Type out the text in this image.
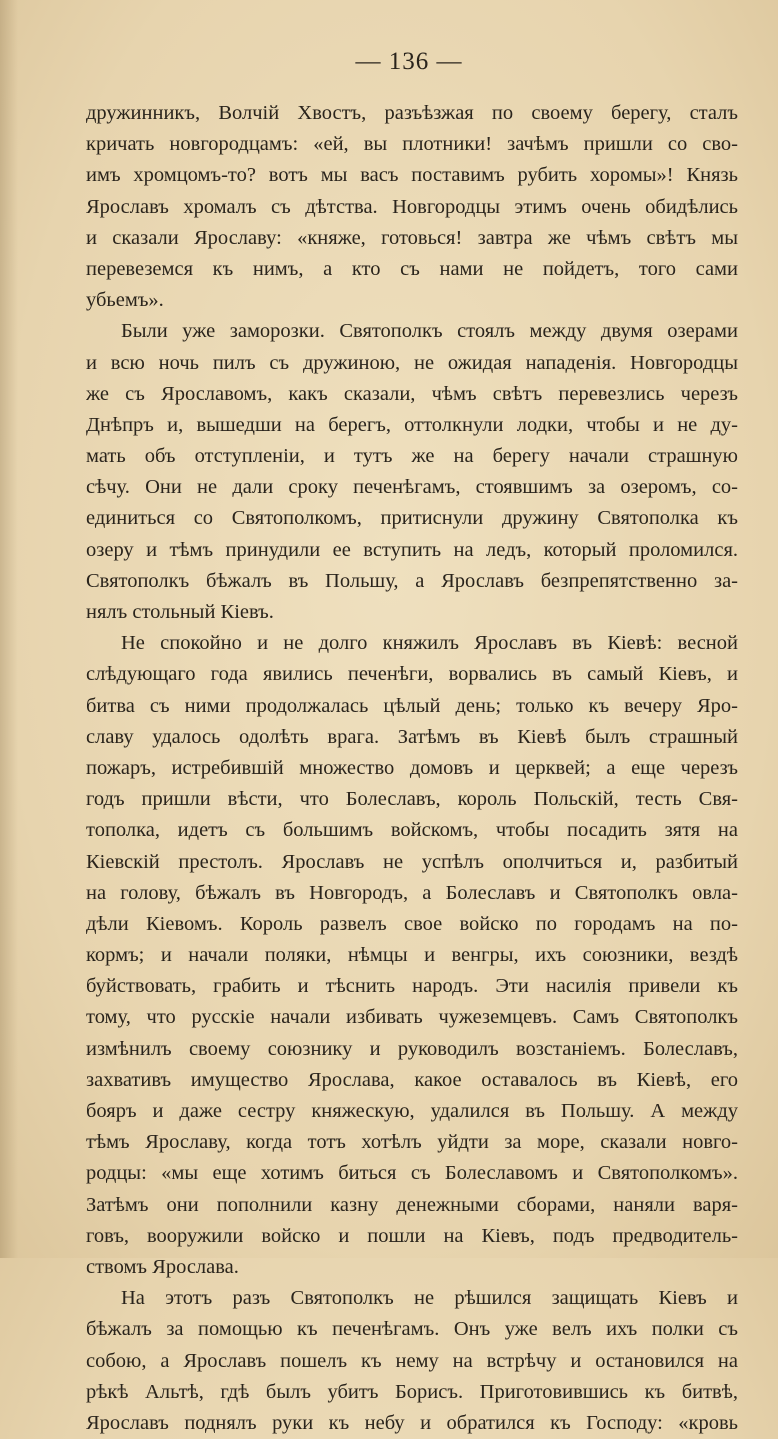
— 136 —
дружинникъ, Волчій Хвостъ, разъѣзжая по своему берегу, сталъ
кричать новгородцамъ: «ей, вы плотники! зачѣмъ пришли со сво-
имъ хромцомъ-то? вотъ мы васъ поставимъ рубить хоромы»! Князь
Ярославъ хромалъ съ дѣтства. Новгородцы этимъ очень обидѣлись
и сказали Ярославу: «княже, готовься! завтра же чѣмъ свѣтъ мы
перевеземся къ нимъ, а кто съ нами не пойдетъ, того сами
убьемъ».
Были уже заморозки. Святополкъ стоялъ между двумя озерами
и всю ночь пилъ съ дружиною, не ожидая нападенія. Новгородцы
же съ Ярославомъ, какъ сказали, чѣмъ свѣтъ перевезлись черезъ
Днѣпръ и, вышедши на берегъ, оттолкнули лодки, чтобы и не ду-
мать объ отступленіи, и тутъ же на берегу начали страшную
сѣчу. Они не дали сроку печенѣгамъ, стоявшимъ за озеромъ, со-
единиться со Святополкомъ, притиснули дружину Святополка къ
озеру и тѣмъ принудили ее вступить на ледъ, который проломился.
Святополкъ бѣжалъ въ Польшу, а Ярославъ безпрепятственно за-
нялъ стольный Кіевъ.
Не спокойно и не долго княжилъ Ярославъ въ Кіевѣ: весной
слѣдующаго года явились печенѣги, ворвались въ самый Кіевъ, и
битва съ ними продолжалась цѣлый день; только къ вечеру Яро-
славу удалось одолѣть врага. Затѣмъ въ Кіевѣ былъ страшный
пожаръ, истребившій множество домовъ и церквей; а еще черезъ
годъ пришли вѣсти, что Болеславъ, король Польскій, тесть Свя-
тополка, идетъ съ большимъ войскомъ, чтобы посадить зятя на
Кіевскій престолъ. Ярославъ не успѣлъ ополчиться и, разбитый
на голову, бѣжалъ въ Новгородъ, а Болеславъ и Святополкъ овла-
дѣли Кіевомъ. Король развелъ свое войско по городамъ на по-
кормъ; и начали поляки, нѣмцы и венгры, ихъ союзники, вездѣ
буйствовать, грабить и тѣснить народъ. Эти насилія привели къ
тому, что русскіе начали избивать чужеземцевъ. Самъ Святополкъ
измѣнилъ своему союзнику и руководилъ возстаніемъ. Болеславъ,
захвативъ имущество Ярослава, какое оставалось въ Кіевѣ, его
бояръ и даже сестру княжескую, удалился въ Польшу. А между
тѣмъ Ярославу, когда тотъ хотѣлъ уйдти за море, сказали новго-
родцы: «мы еще хотимъ биться съ Болеславомъ и Святополкомъ».
Затѣмъ они пополнили казну денежными сборами, наняли варя-
говъ, вооружили войско и пошли на Кіевъ, подъ предводитель-
ствомъ Ярослава.
На этотъ разъ Святополкъ не рѣшился защищать Кіевъ и
бѣжалъ за помощью къ печенѣгамъ. Онъ уже велъ ихъ полки съ
собою, а Ярославъ пошелъ къ нему на встрѣчу и остановился на
рѣкѣ Альтѣ, гдѣ былъ убитъ Борисъ. Приготовившись къ битвѣ,
Ярославъ поднялъ руки къ небу и обратился къ Господу: «кровь
